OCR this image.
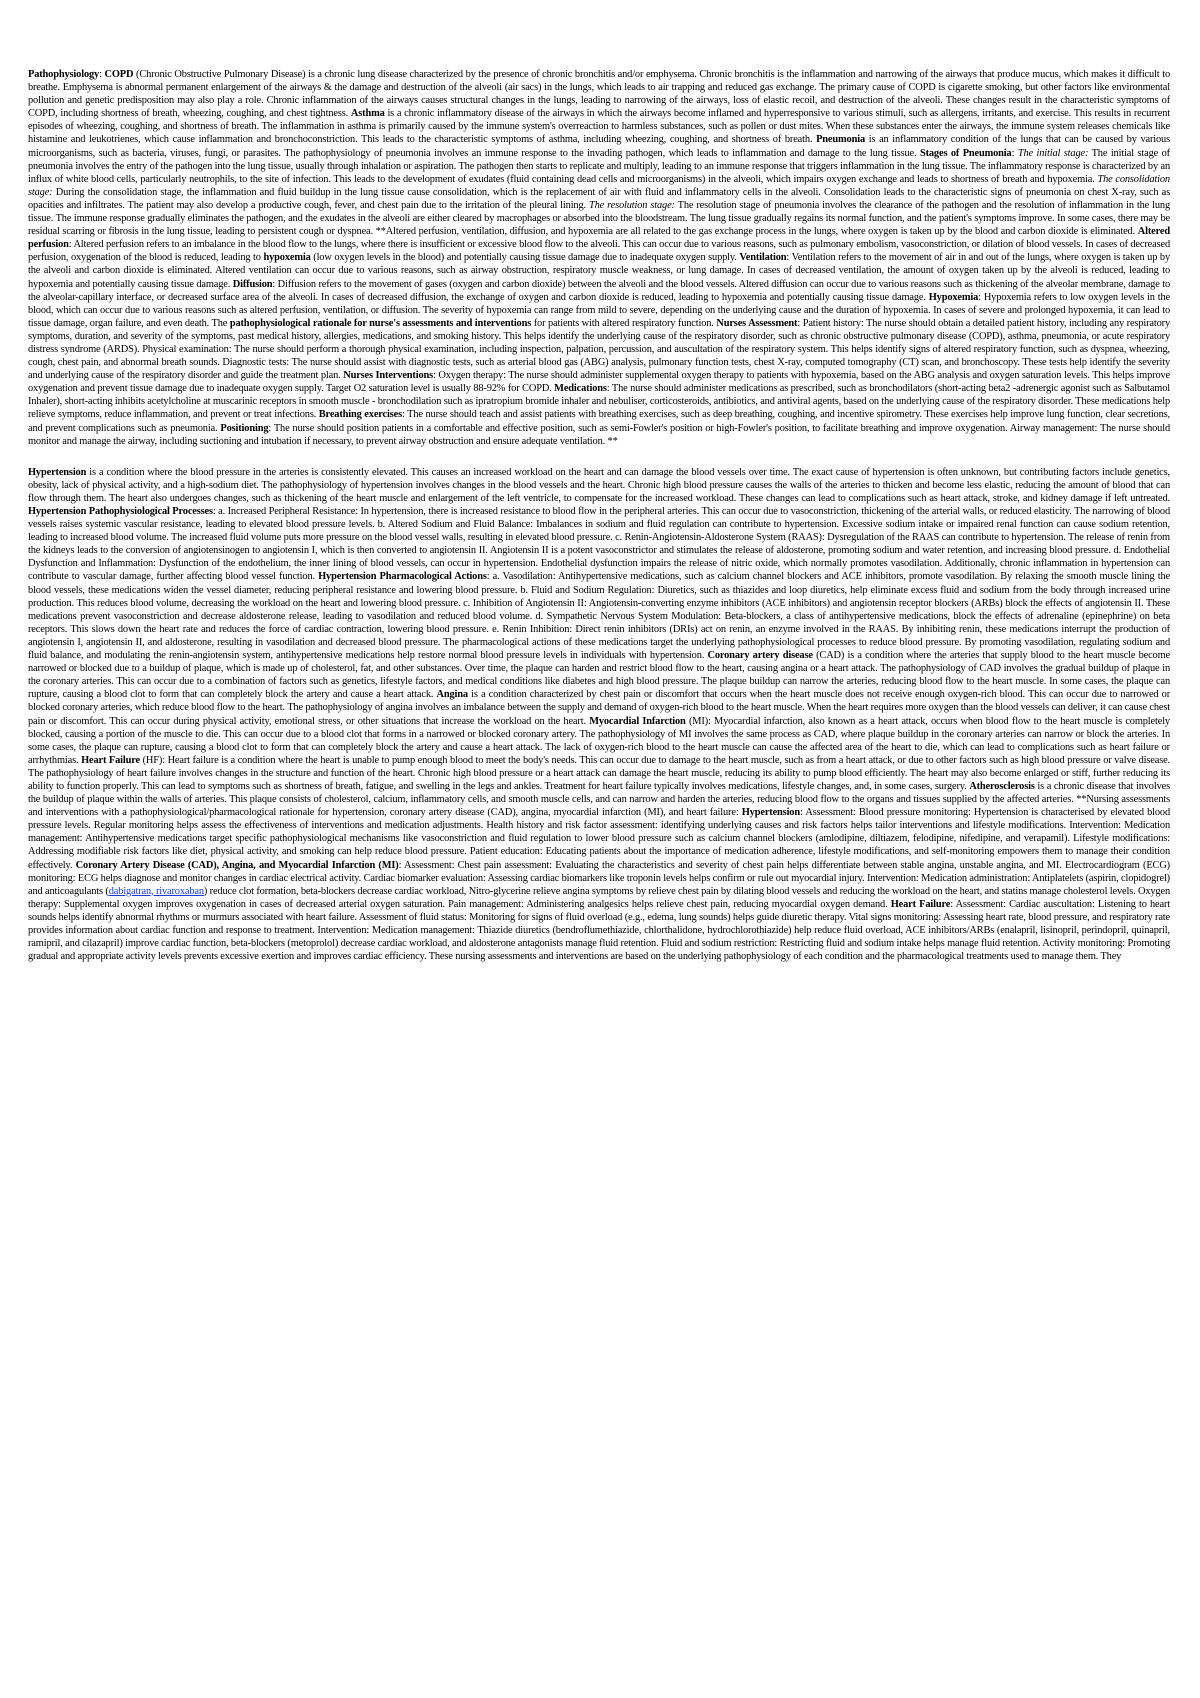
Pathophysiology: COPD (Chronic Obstructive Pulmonary Disease) is a chronic lung disease characterized by the presence of chronic bronchitis and/or emphysema. Chronic bronchitis is the inflammation and narrowing of the airways that produce mucus, which makes it difficult to breathe. Emphysema is abnormal permanent enlargement of the airways & the damage and destruction of the alveoli (air sacs) in the lungs, which leads to air trapping and reduced gas exchange. The primary cause of COPD is cigarette smoking, but other factors like environmental pollution and genetic predisposition may also play a role. Chronic inflammation of the airways causes structural changes in the lungs, leading to narrowing of the airways, loss of elastic recoil, and destruction of the alveoli. These changes result in the characteristic symptoms of COPD, including shortness of breath, wheezing, coughing, and chest tightness. Asthma is a chronic inflammatory disease of the airways in which the airways become inflamed and hyperresponsive to various stimuli, such as allergens, irritants, and exercise. This results in recurrent episodes of wheezing, coughing, and shortness of breath. The inflammation in asthma is primarily caused by the immune system's overreaction to harmless substances, such as pollen or dust mites. When these substances enter the airways, the immune system releases chemicals like histamine and leukotrienes, which cause inflammation and bronchoconstriction. This leads to the characteristic symptoms of asthma, including wheezing, coughing, and shortness of breath. Pneumonia is an inflammatory condition of the lungs that can be caused by various microorganisms, such as bacteria, viruses, fungi, or parasites. The pathophysiology of pneumonia involves an immune response to the invading pathogen, which leads to inflammation and damage to the lung tissue. Stages of Pneumonia: The initial stage: The initial stage of pneumonia involves the entry of the pathogen into the lung tissue, usually through inhalation or aspiration. The pathogen then starts to replicate and multiply, leading to an immune response that triggers inflammation in the lung tissue. The inflammatory response is characterized by an influx of white blood cells, particularly neutrophils, to the site of infection. This leads to the development of exudates (fluid containing dead cells and microorganisms) in the alveoli, which impairs oxygen exchange and leads to shortness of breath and hypoxemia. The consolidation stage: During the consolidation stage, the inflammation and fluid buildup in the lung tissue cause consolidation, which is the replacement of air with fluid and inflammatory cells in the alveoli. Consolidation leads to the characteristic signs of pneumonia on chest X-ray, such as opacities and infiltrates. The patient may also develop a productive cough, fever, and chest pain due to the irritation of the pleural lining. The resolution stage: The resolution stage of pneumonia involves the clearance of the pathogen and the resolution of inflammation in the lung tissue. The immune response gradually eliminates the pathogen, and the exudates in the alveoli are either cleared by macrophages or absorbed into the bloodstream. The lung tissue gradually regains its normal function, and the patient's symptoms improve. In some cases, there may be residual scarring or fibrosis in the lung tissue, leading to persistent cough or dyspnea. **Altered perfusion, ventilation, diffusion, and hypoxemia are all related to the gas exchange process in the lungs, where oxygen is taken up by the blood and carbon dioxide is eliminated. Altered perfusion: Altered perfusion refers to an imbalance in the blood flow to the lungs, where there is insufficient or excessive blood flow to the alveoli. This can occur due to various reasons, such as pulmonary embolism, vasoconstriction, or dilation of blood vessels. In cases of decreased perfusion, oxygenation of the blood is reduced, leading to hypoxemia (low oxygen levels in the blood) and potentially causing tissue damage due to inadequate oxygen supply. Ventilation: Ventilation refers to the movement of air in and out of the lungs, where oxygen is taken up by the alveoli and carbon dioxide is eliminated. Altered ventilation can occur due to various reasons, such as airway obstruction, respiratory muscle weakness, or lung damage. In cases of decreased ventilation, the amount of oxygen taken up by the alveoli is reduced, leading to hypoxemia and potentially causing tissue damage. Diffusion: Diffusion refers to the movement of gases (oxygen and carbon dioxide) between the alveoli and the blood vessels. Altered diffusion can occur due to various reasons such as thickening of the alveolar membrane, damage to the alveolar-capillary interface, or decreased surface area of the alveoli. In cases of decreased diffusion, the exchange of oxygen and carbon dioxide is reduced, leading to hypoxemia and potentially causing tissue damage. Hypoxemia: Hypoxemia refers to low oxygen levels in the blood, which can occur due to various reasons such as altered perfusion, ventilation, or diffusion. The severity of hypoxemia can range from mild to severe, depending on the underlying cause and the duration of hypoxemia. In cases of severe and prolonged hypoxemia, it can lead to tissue damage, organ failure, and even death. The pathophysiological rationale for nurse's assessments and interventions for patients with altered respiratory function. Nurses Assessment: Patient history: The nurse should obtain a detailed patient history, including any respiratory symptoms, duration, and severity of the symptoms, past medical history, allergies, medications, and smoking history. This helps identify the underlying cause of the respiratory disorder, such as chronic obstructive pulmonary disease (COPD), asthma, pneumonia, or acute respiratory distress syndrome (ARDS). Physical examination: The nurse should perform a thorough physical examination, including inspection, palpation, percussion, and auscultation of the respiratory system. This helps identify signs of altered respiratory function, such as dyspnea, wheezing, cough, chest pain, and abnormal breath sounds. Diagnostic tests: The nurse should assist with diagnostic tests, such as arterial blood gas (ABG) analysis, pulmonary function tests, chest X-ray, computed tomography (CT) scan, and bronchoscopy. These tests help identify the severity and underlying cause of the respiratory disorder and guide the treatment plan. Nurses Interventions: Oxygen therapy: The nurse should administer supplemental oxygen therapy to patients with hypoxemia, based on the ABG analysis and oxygen saturation levels. This helps improve oxygenation and prevent tissue damage due to inadequate oxygen supply. Target O2 saturation level is usually 88-92% for COPD. Medications: The nurse should administer medications as prescribed, such as bronchodilators (short-acting beta2 -adrenergic agonist such as Salbutamol Inhaler), short-acting inhibits acetylcholine at muscarinic receptors in smooth muscle - bronchodilation such as ipratropium bromide inhaler and nebuliser, corticosteroids, antibiotics, and antiviral agents, based on the underlying cause of the respiratory disorder. These medications help relieve symptoms, reduce inflammation, and prevent or treat infections. Breathing exercises: The nurse should teach and assist patients with breathing exercises, such as deep breathing, coughing, and incentive spirometry. These exercises help improve lung function, clear secretions, and prevent complications such as pneumonia. Positioning: The nurse should position patients in a comfortable and effective position, such as semi-Fowler's position or high-Fowler's position, to facilitate breathing and improve oxygenation. Airway management: The nurse should monitor and manage the airway, including suctioning and intubation if necessary, to prevent airway obstruction and ensure adequate ventilation. **

Hypertension is a condition where the blood pressure in the arteries is consistently elevated. This causes an increased workload on the heart and can damage the blood vessels over time. The exact cause of hypertension is often unknown, but contributing factors include genetics, obesity, lack of physical activity, and a high-sodium diet. The pathophysiology of hypertension involves changes in the blood vessels and the heart. Chronic high blood pressure causes the walls of the arteries to thicken and become less elastic, reducing the amount of blood that can flow through them. The heart also undergoes changes, such as thickening of the heart muscle and enlargement of the left ventricle, to compensate for the increased workload. These changes can lead to complications such as heart attack, stroke, and kidney damage if left untreated. Hypertension Pathophysiological Processes: a. Increased Peripheral Resistance: In hypertension, there is increased resistance to blood flow in the peripheral arteries. This can occur due to vasoconstriction, thickening of the arterial walls, or reduced elasticity. The narrowing of blood vessels raises systemic vascular resistance, leading to elevated blood pressure levels. b. Altered Sodium and Fluid Balance: Imbalances in sodium and fluid regulation can contribute to hypertension. Excessive sodium intake or impaired renal function can cause sodium retention, leading to increased blood volume. The increased fluid volume puts more pressure on the blood vessel walls, resulting in elevated blood pressure. c. Renin-Angiotensin-Aldosterone System (RAAS): Dysregulation of the RAAS can contribute to hypertension. The release of renin from the kidneys leads to the conversion of angiotensinogen to angiotensin I, which is then converted to angiotensin II. Angiotensin II is a potent vasoconstrictor and stimulates the release of aldosterone, promoting sodium and water retention, and increasing blood pressure. d. Endothelial Dysfunction and Inflammation: Dysfunction of the endothelium, the inner lining of blood vessels, can occur in hypertension. Endothelial dysfunction impairs the release of nitric oxide, which normally promotes vasodilation. Additionally, chronic inflammation in hypertension can contribute to vascular damage, further affecting blood vessel function. Hypertension Pharmacological Actions: a. Vasodilation: Antihypertensive medications, such as calcium channel blockers and ACE inhibitors, promote vasodilation. By relaxing the smooth muscle lining the blood vessels, these medications widen the vessel diameter, reducing peripheral resistance and lowering blood pressure. b. Fluid and Sodium Regulation: Diuretics, such as thiazides and loop diuretics, help eliminate excess fluid and sodium from the body through increased urine production. This reduces blood volume, decreasing the workload on the heart and lowering blood pressure. c. Inhibition of Angiotensin II: Angiotensin-converting enzyme inhibitors (ACE inhibitors) and angiotensin receptor blockers (ARBs) block the effects of angiotensin II. These medications prevent vasoconstriction and decrease aldosterone release, leading to vasodilation and reduced blood volume. d. Sympathetic Nervous System Modulation: Beta-blockers, a class of antihypertensive medications, block the effects of adrenaline (epinephrine) on beta receptors. This slows down the heart rate and reduces the force of cardiac contraction, lowering blood pressure. e. Renin Inhibition: Direct renin inhibitors (DRIs) act on renin, an enzyme involved in the RAAS. By inhibiting renin, these medications interrupt the production of angiotensin I, angiotensin II, and aldosterone, resulting in vasodilation and decreased blood pressure. The pharmacological actions of these medications target the underlying pathophysiological processes to reduce blood pressure. By promoting vasodilation, regulating sodium and fluid balance, and modulating the renin-angiotensin system, antihypertensive medications help restore normal blood pressure levels in individuals with hypertension. Coronary artery disease (CAD) is a condition where the arteries that supply blood to the heart muscle become narrowed or blocked due to a buildup of plaque, which is made up of cholesterol, fat, and other substances. Over time, the plaque can harden and restrict blood flow to the heart, causing angina or a heart attack. The pathophysiology of CAD involves the gradual buildup of plaque in the coronary arteries. This can occur due to a combination of factors such as genetics, lifestyle factors, and medical conditions like diabetes and high blood pressure. The plaque buildup can narrow the arteries, reducing blood flow to the heart muscle. In some cases, the plaque can rupture, causing a blood clot to form that can completely block the artery and cause a heart attack. Angina is a condition characterized by chest pain or discomfort that occurs when the heart muscle does not receive enough oxygen-rich blood. This can occur due to narrowed or blocked coronary arteries, which reduce blood flow to the heart. The pathophysiology of angina involves an imbalance between the supply and demand of oxygen-rich blood to the heart muscle. When the heart requires more oxygen than the blood vessels can deliver, it can cause chest pain or discomfort. This can occur during physical activity, emotional stress, or other situations that increase the workload on the heart. Myocardial Infarction (MI): Myocardial infarction, also known as a heart attack, occurs when blood flow to the heart muscle is completely blocked, causing a portion of the muscle to die. This can occur due to a blood clot that forms in a narrowed or blocked coronary artery. The pathophysiology of MI involves the same process as CAD, where plaque buildup in the coronary arteries can narrow or block the arteries. In some cases, the plaque can rupture, causing a blood clot to form that can completely block the artery and cause a heart attack. The lack of oxygen-rich blood to the heart muscle can cause the affected area of the heart to die, which can lead to complications such as heart failure or arrhythmias. Heart Failure (HF): Heart failure is a condition where the heart is unable to pump enough blood to meet the body's needs. This can occur due to damage to the heart muscle, such as from a heart attack, or due to other factors such as high blood pressure or valve disease. The pathophysiology of heart failure involves changes in the structure and function of the heart. Chronic high blood pressure or a heart attack can damage the heart muscle, reducing its ability to pump blood efficiently. The heart may also become enlarged or stiff, further reducing its ability to function properly. This can lead to symptoms such as shortness of breath, fatigue, and swelling in the legs and ankles. Treatment for heart failure typically involves medications, lifestyle changes, and, in some cases, surgery. Atherosclerosis is a chronic disease that involves the buildup of plaque within the walls of arteries. This plaque consists of cholesterol, calcium, inflammatory cells, and smooth muscle cells, and can narrow and harden the arteries, reducing blood flow to the organs and tissues supplied by the affected arteries. **Nursing assessments and interventions with a pathophysiological/pharmacological rationale for hypertension, coronary artery disease (CAD), angina, myocardial infarction (MI), and heart failure: Hypertension: Assessment: Blood pressure monitoring: Hypertension is characterised by elevated blood pressure levels. Regular monitoring helps assess the effectiveness of interventions and medication adjustments. Health history and risk factor assessment: identifying underlying causes and risk factors helps tailor interventions and lifestyle modifications. Intervention: Medication management: Antihypertensive medications target specific pathophysiological mechanisms like vasoconstriction and fluid regulation to lower blood pressure such as calcium channel blockers (amlodipine, diltiazem, felodipine, nifedipine, and verapamil). Lifestyle modifications: Addressing modifiable risk factors like diet, physical activity, and smoking can help reduce blood pressure. Patient education: Educating patients about the importance of medication adherence, lifestyle modifications, and self-monitoring empowers them to manage their condition effectively. Coronary Artery Disease (CAD), Angina, and Myocardial Infarction (MI): Assessment: Chest pain assessment: Evaluating the characteristics and severity of chest pain helps differentiate between stable angina, unstable angina, and MI. Electrocardiogram (ECG) monitoring: ECG helps diagnose and monitor changes in cardiac electrical activity. Cardiac biomarker evaluation: Assessing cardiac biomarkers like troponin levels helps confirm or rule out myocardial injury. Intervention: Medication administration: Antiplatelets (aspirin, clopidogrel) and anticoagulants (dabigatran, rivaroxaban) reduce clot formation, beta-blockers decrease cardiac workload, Nitro-glycerine relieve angina symptoms by relieve chest pain by dilating blood vessels and reducing the workload on the heart, and statins manage cholesterol levels. Oxygen therapy: Supplemental oxygen improves oxygenation in cases of decreased arterial oxygen saturation. Pain management: Administering analgesics helps relieve chest pain, reducing myocardial oxygen demand. Heart Failure: Assessment: Cardiac auscultation: Listening to heart sounds helps identify abnormal rhythms or murmurs associated with heart failure. Assessment of fluid status: Monitoring for signs of fluid overload (e.g., edema, lung sounds) helps guide diuretic therapy. Vital signs monitoring: Assessing heart rate, blood pressure, and respiratory rate provides information about cardiac function and response to treatment. Intervention: Medication management: Thiazide diuretics (bendroflumethiazide, chlorthalidone, hydrochlorothiazide) help reduce fluid overload, ACE inhibitors/ARBs (enalapril, lisinopril, perindopril, quinapril, ramipril, and cilazapril) improve cardiac function, beta-blockers (metoprolol) decrease cardiac workload, and aldosterone antagonists manage fluid retention. Fluid and sodium restriction: Restricting fluid and sodium intake helps manage fluid retention. Activity monitoring: Promoting gradual and appropriate activity levels prevents excessive exertion and improves cardiac efficiency. These nursing assessments and interventions are based on the underlying pathophysiology of each condition and the pharmacological treatments used to manage them. They
